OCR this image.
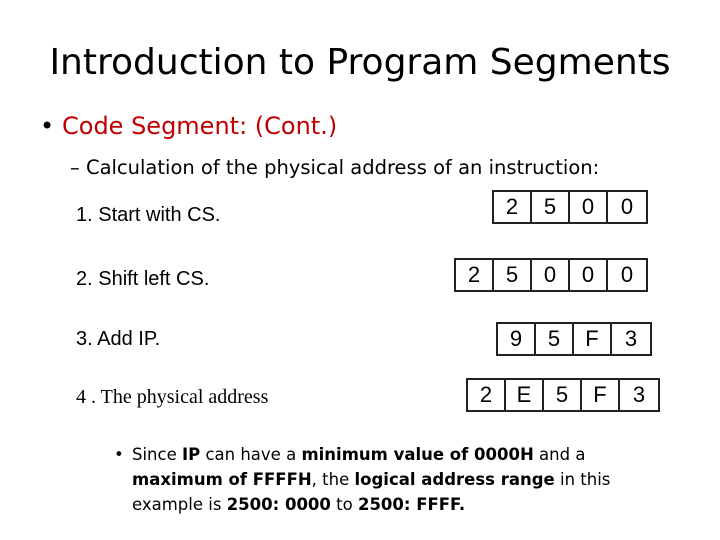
Introduction to Program Segments
• Code Segment: (Cont.)
– Calculation of the physical address of an instruction:
1. Start with CS.	2	5	0	0
2. Shift left CS.	2	5	0	0	0
3. Add IP.	9	5	F	3
4 . The physical address	2	E	5	F	3
• Since IP can have a minimum value of 0000H and a maximum of FFFFH, the logical address range in this example is 2500: 0000 to 2500: FFFF.
